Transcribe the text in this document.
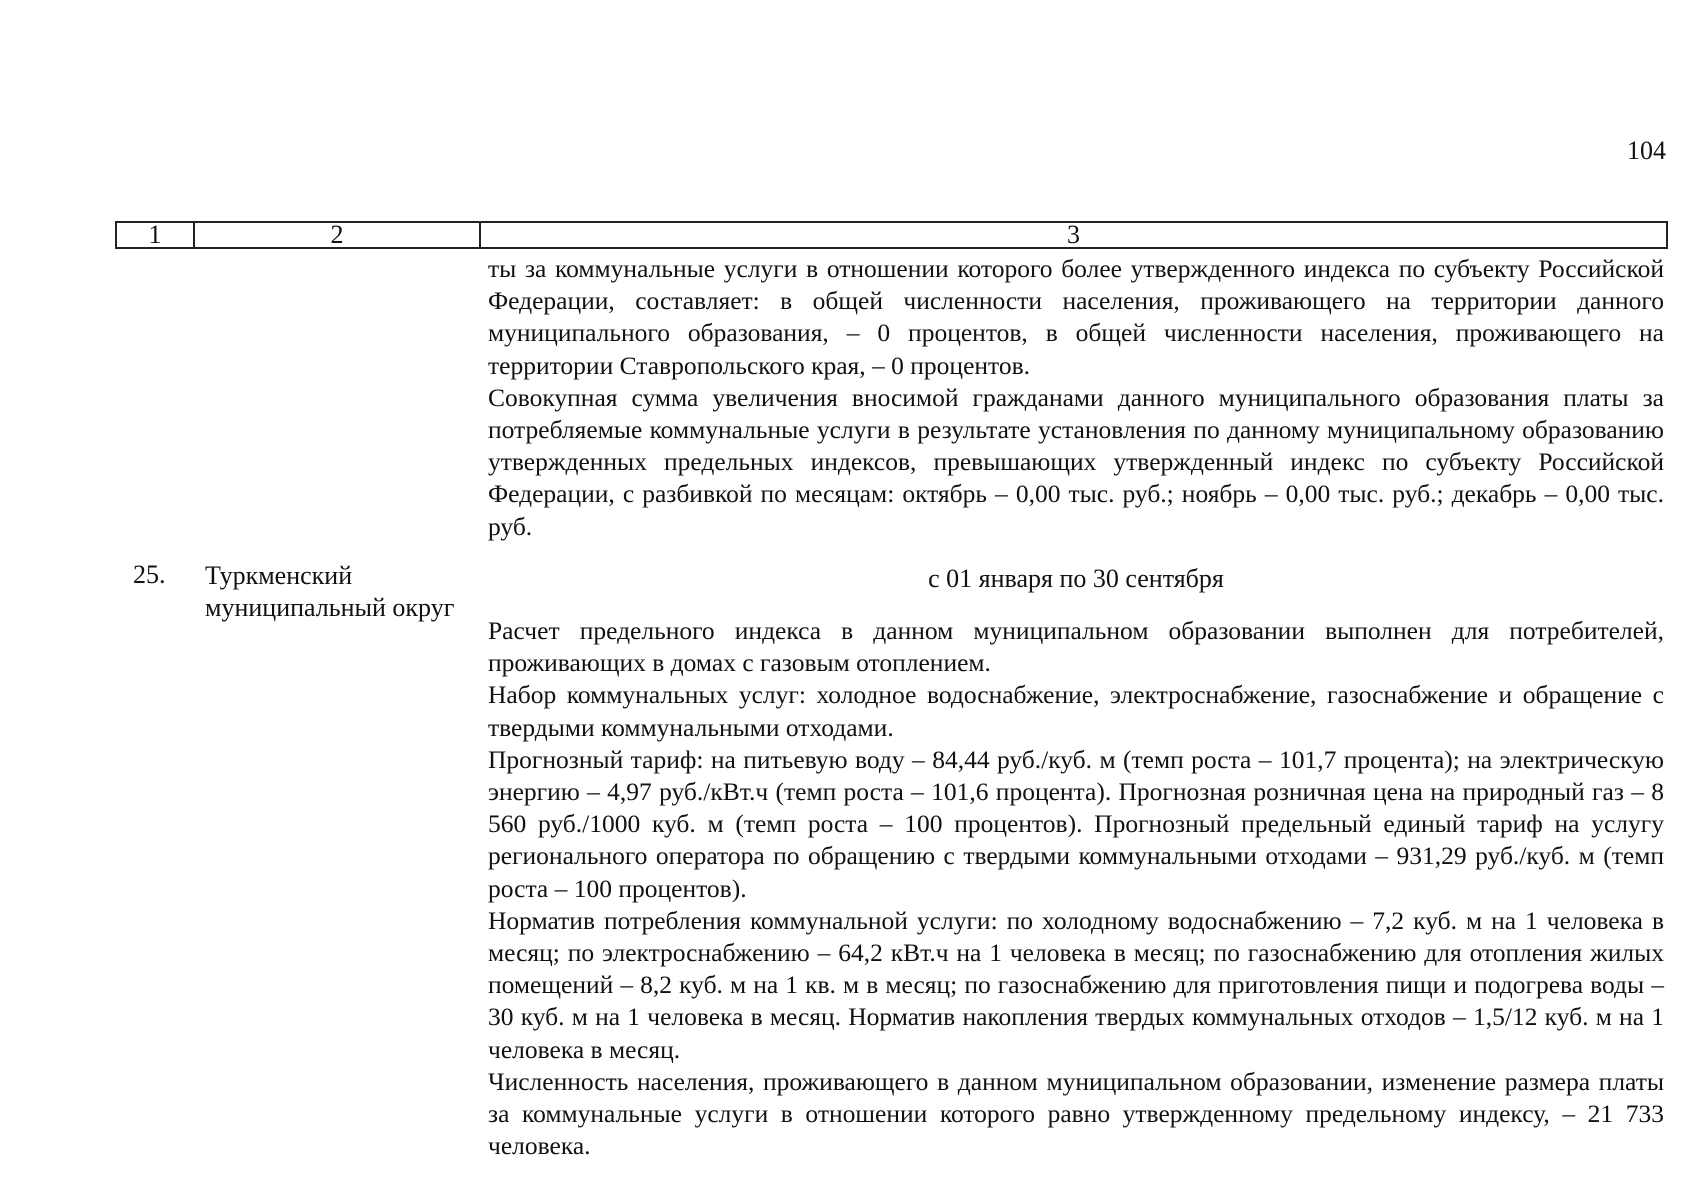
104
1	2	3

ты за коммунальные услуги в отношении которого более утвержденного индекса по субъекту Российской Федерации, составляет: в общей численности населения, проживающего на территории данного муниципального образования, – 0 процентов, в общей численности населения, проживающего на территории Ставропольского края, – 0 процентов.

Совокупная сумма увеличения вносимой гражданами данного муниципального образования платы за потребляемые коммунальные услуги в результате установления по данному муниципальному образованию утвержденных предельных индексов, превышающих утвержденный индекс по субъекту Российской Федерации, с разбивкой по месяцам: октябрь – 0,00 тыс. руб.; ноябрь – 0,00 тыс. руб.; декабрь – 0,00 тыс. руб.

25. Туркменский муниципальный округ
с 01 января по 30 сентября

Расчет предельного индекса в данном муниципальном образовании выполнен для потребителей, проживающих в домах с газовым отоплением.

Набор коммунальных услуг: холодное водоснабжение, электроснабжение, газоснабжение и обращение с твердыми коммунальными отходами.

Прогнозный тариф: на питьевую воду – 84,44 руб./куб. м (темп роста – 101,7 процента); на электрическую энергию – 4,97 руб./кВт.ч (темп роста – 101,6 процента). Прогнозная розничная цена на природный газ – 8 560 руб./1000 куб. м (темп роста – 100 процентов). Прогнозный предельный единый тариф на услугу регионального оператора по обращению с твердыми коммунальными отходами – 931,29 руб./куб. м (темп роста – 100 процентов).

Норматив потребления коммунальной услуги: по холодному водоснабжению – 7,2 куб. м на 1 человека в месяц; по электроснабжению – 64,2 кВт.ч на 1 человека в месяц; по газоснабжению для отопления жилых помещений – 8,2 куб. м на 1 кв. м в месяц; по газоснабжению для приготовления пищи и подогрева воды – 30 куб. м на 1 человека в месяц. Норматив накопления твердых коммунальных отходов – 1,5/12 куб. м на 1 человека в месяц.

Численность населения, проживающего в данном муниципальном образовании, изменение размера платы за коммунальные услуги в отношении которого равно утвержденному предельному индексу, – 21 733 человека.
